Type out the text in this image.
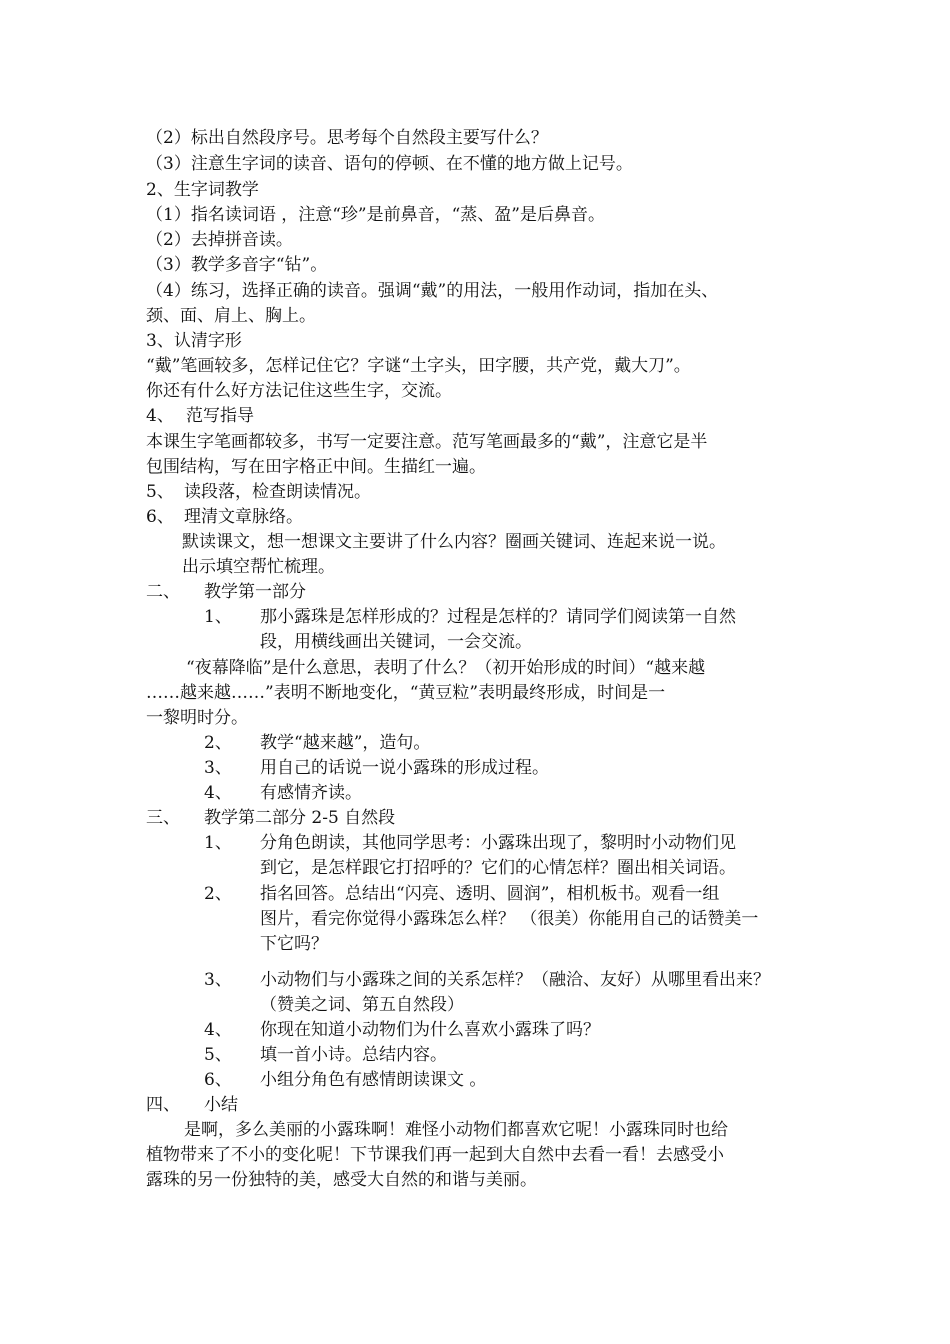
（2）标出自然段序号。思考每个自然段主要写什么？
（3）注意生字词的读音、语句的停顿、在不懂的地方做上记号。
2、生字词教学
（1）指名读词语 ，注意“珍”是前鼻音，“蒸、盈”是后鼻音。
（2）去掉拼音读。
（3）教学多音字“钻”。
（4）练习，选择正确的读音。强调“戴”的用法，一般用作动词，指加在头、
颈、面、肩上、胸上。
3、认清字形
“戴”笔画较多，怎样记住它？字谜“土字头，田字腰，共产党，戴大刀”。
你还有什么好方法记住这些生字，交流。
4、 范写指导
本课生字笔画都较多，书写一定要注意。范写笔画最多的“戴”，注意它是半
包围结构，写在田字格正中间。生描红一遍。
5、 读段落，检查朗读情况。
6、 理清文章脉络。
默读课文，想一想课文主要讲了什么内容？圈画关键词、连起来说一说。
出示填空帮忙梳理。
二、 教学第一部分
1、 那小露珠是怎样形成的？过程是怎样的？请同学们阅读第一自然
段，用横线画出关键词，一会交流。
“夜幕降临”是什么意思，表明了什么？（初开始形成的时间）“越来越
……越来越……”表明不断地变化，“黄豆粒”表明最终形成，时间是一
一黎明时分。
2、 教学“越来越”，造句。
3、 用自己的话说一说小露珠的形成过程。
4、 有感情齐读。
三、 教学第二部分 2-5 自然段
1、 分角色朗读，其他同学思考：小露珠出现了，黎明时小动物们见
到它，是怎样跟它打招呼的？它们的心情怎样？圈出相关词语。
2、 指名回答。总结出“闪亮、透明、圆润”，相机板书。观看一组
图片，看完你觉得小露珠怎么样？ （很美）你能用自己的话赞美一
下它吗？
3、 小动物们与小露珠之间的关系怎样？（融洽、友好）从哪里看出来？
（赞美之词、第五自然段）
4、 你现在知道小动物们为什么喜欢小露珠了吗？
5、 填一首小诗。总结内容。
6、 小组分角色有感情朗读课文 。
四、 小结
是啊，多么美丽的小露珠啊！难怪小动物们都喜欢它呢！小露珠同时也给
植物带来了不小的变化呢！下节课我们再一起到大自然中去看一看！去感受小
露珠的另一份独特的美，感受大自然的和谐与美丽。
